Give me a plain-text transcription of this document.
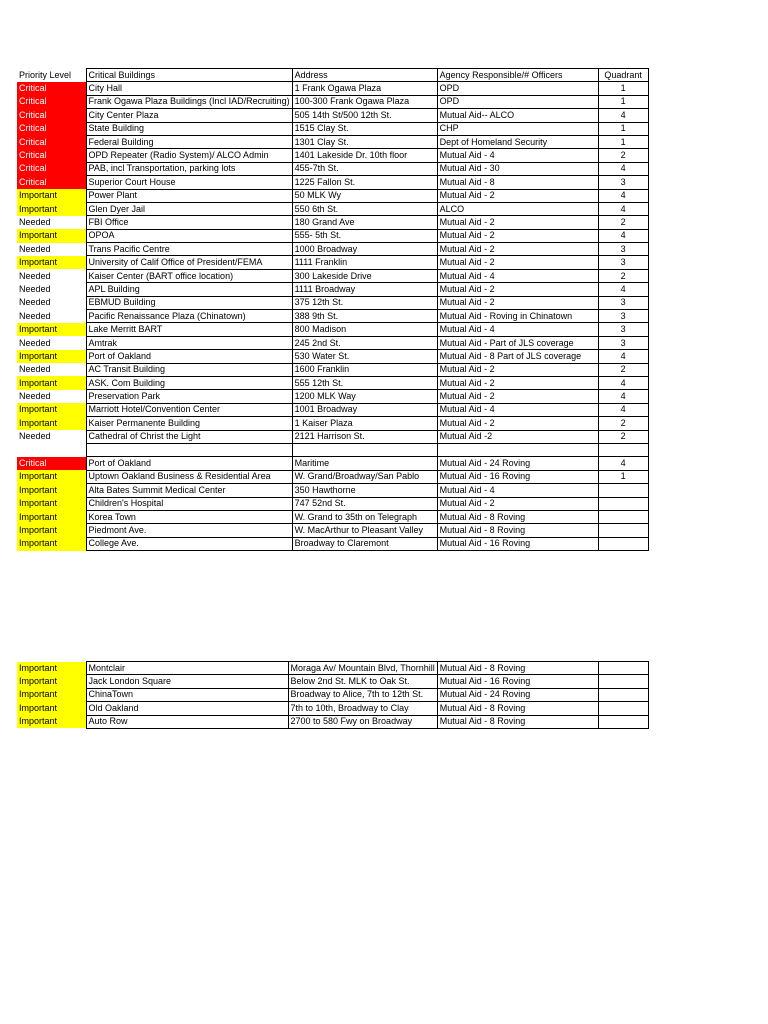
Priority Level	Critical Buildings	Address	Agency Responsible/# Officers	Quadrant
Critical	City Hall	1 Frank Ogawa Plaza	OPD	1
Critical	Frank Ogawa Plaza Buildings (Incl IAD/Recruiting)	100-300 Frank Ogawa Plaza	OPD	1
Critical	City Center Plaza	505 14th St/500 12th St.	Mutual Aid-- ALCO	4
Critical	State Building	1515 Clay St.	CHP	1
Critical	Federal Building	1301 Clay St.	Dept of Homeland Security	1
Critical	OPD Repeater (Radio System)/ ALCO Admin	1401 Lakeside Dr. 10th floor	Mutual Aid - 4	2
Critical	PAB, incl Transportation, parking lots	455-7th St.	Mutual Aid - 30	4
Critical	Superior Court House	1225 Fallon St.	Mutual Aid - 8	3
Important	Power Plant	50 MLK Wy	Mutual Aid - 2	4
Important	Glen Dyer Jail	550 6th St.	ALCO	4
Needed	FBI Office	180 Grand Ave	Mutual Aid - 2	2
Important	OPOA	555- 5th St.	Mutual Aid - 2	4
Needed	Trans Pacific Centre	1000 Broadway	Mutual Aid - 2	3
Important	University of Calif Office of President/FEMA	1111 Franklin	Mutual Aid - 2	3
Needed	Kaiser Center (BART office location)	300 Lakeside Drive	Mutual Aid - 4	2
Needed	APL Building	1111 Broadway	Mutual Aid - 2	4
Needed	EBMUD Building	375 12th St.	Mutual Aid - 2	3
Needed	Pacific Renaissance Plaza (Chinatown)	388 9th St.	Mutual Aid - Roving in Chinatown	3
Important	Lake Merritt BART	800 Madison	Mutual Aid - 4	3
Needed	Amtrak	245 2nd St.	Mutual Aid - Part of JLS coverage	3
Important	Port of Oakland	530 Water St.	Mutual Aid - 8 Part of JLS coverage	4
Needed	AC Transit Building	1600 Franklin	Mutual Aid - 2	2
Important	ASK. Com Building	555 12th St.	Mutual Aid - 2	4
Needed	Preservation Park	1200 MLK Way	Mutual Aid - 2	4
Important	Marriott Hotel/Convention Center	1001 Broadway	Mutual Aid - 4	4
Important	Kaiser Permanente Building	1 Kaiser Plaza	Mutual Aid - 2	2
Needed	Cathedral of Christ the Light	2121 Harrison St.	Mutual Aid -2	2

Critical	Port of Oakland	Maritime	Mutual Aid - 24 Roving	4
Important	Uptown Oakland Business & Residential Area	W. Grand/Broadway/San Pablo	Mutual Aid - 16 Roving	1
Important	Alta Bates Summit Medical Center	350 Hawthorne	Mutual Aid - 4	
Important	Children's Hospital	747 52nd St.	Mutual Aid - 2	
Important	Korea Town	W. Grand to 35th on Telegraph	Mutual Aid - 8 Roving	
Important	Piedmont Ave.	W. MacArthur to Pleasant Valley	Mutual Aid - 8 Roving	
Important	College Ave.	Broadway to Claremont	Mutual Aid - 16 Roving	
Important	Montclair	Moraga Av/ Mountain Blvd, Thornhill	Mutual Aid - 8 Roving	
Important	Jack London Square	Below 2nd St. MLK to Oak St.	Mutual Aid - 16 Roving	
Important	ChinaTown	Broadway to Alice, 7th to 12th St.	Mutual Aid - 24 Roving	
Important	Old Oakland	7th to 10th, Broadway to Clay	Mutual Aid - 8 Roving	
Important	Auto Row	2700 to 580 Fwy on Broadway	Mutual Aid - 8 Roving	
